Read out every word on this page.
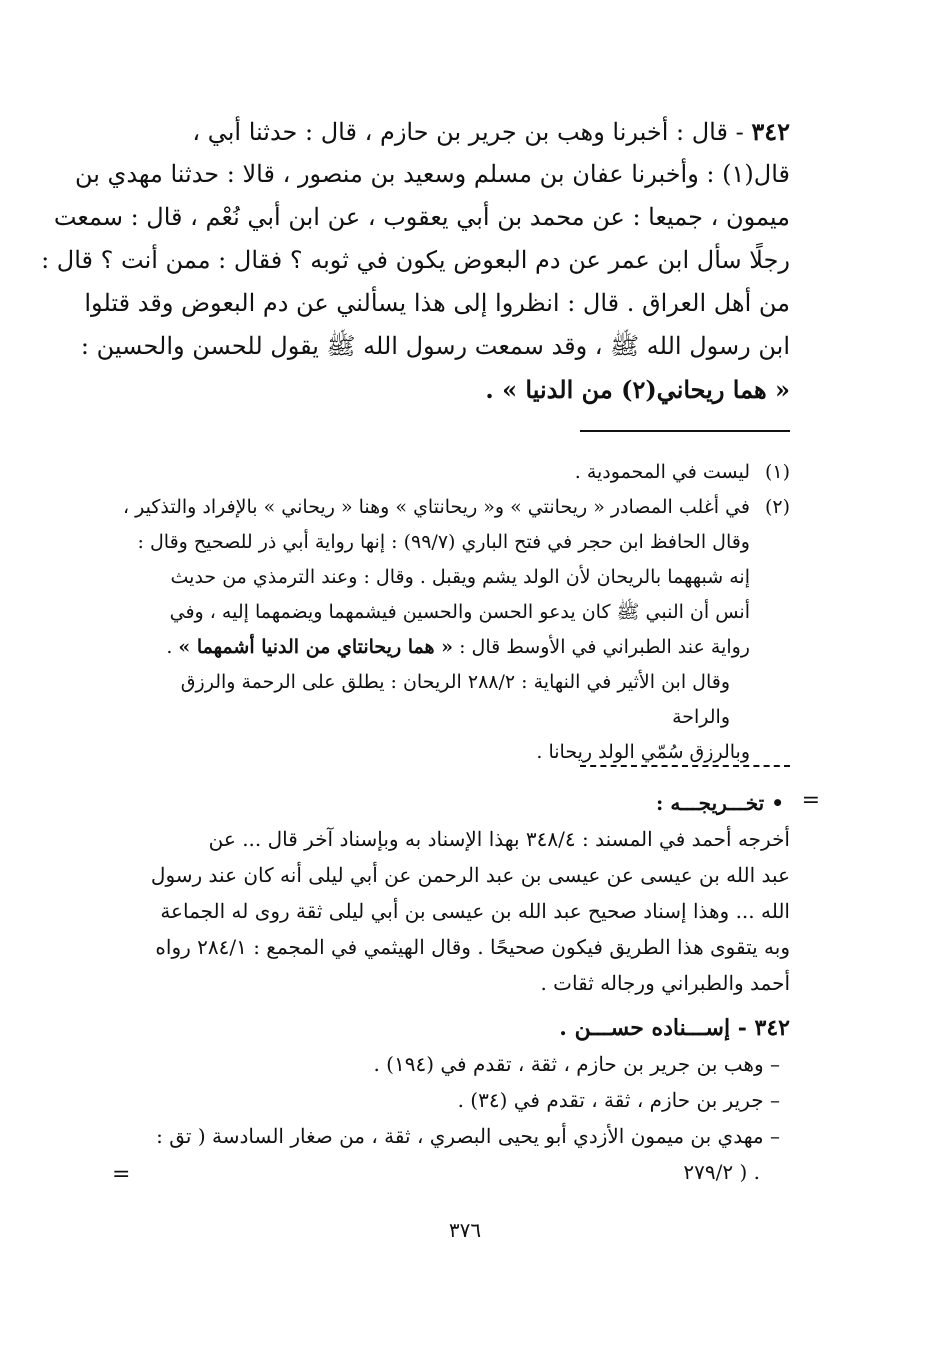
٣٤٢ - قال : أخبرنا وهب بن جرير بن حازم ، قال : حدثنا أبي ،
قال(١) : وأخبرنا عفان بن مسلم وسعيد بن منصور ، قالا : حدثنا مهدي بن
ميمون ، جميعا : عن محمد بن أبي يعقوب ، عن ابن أبي نُعْم ، قال : سمعت
رجلًا سأل ابن عمر عن دم البعوض يكون في ثوبه ؟ فقال : ممن أنت ؟ قال :
من أهل العراق . قال : انظروا إلى هذا يسألني عن دم البعوض وقد قتلوا
ابن رسول الله ﷺ ، وقد سمعت رسول الله ﷺ يقول للحسن والحسين :
« هما ريحاني(٢) من الدنيا » .
(١)
ليست في المحمودية .
(٢)
في أغلب المصادر « ريحانتي » و« ريحانتاي » وهنا « ريحاني » بالإفراد والتذكير ،
وقال الحافظ ابن حجر في فتح الباري (٩٩/٧) : إنها رواية أبي ذر للصحيح وقال :
إنه شبههما بالريحان لأن الولد يشم ويقبل . وقال : وعند الترمذي من حديث
أنس أن النبي ﷺ كان يدعو الحسن والحسين فيشمهما ويضمهما إليه ، وفي
رواية عند الطبراني في الأوسط قال : « هما ريحانتاي من الدنيا أشمهما » .
وقال ابن الأثير في النهاية : ٢٨٨/٢ الريحان : يطلق على الرحمة والرزق والراحة
وبالرزق سُمّي الولد ريحانا .
=
• تخـــريجـــه :
أخرجه أحمد في المسند : ٣٤٨/٤ بهذا الإسناد به وبإسناد آخر قال ... عن
عبد الله بن عيسى عن عيسى بن عبد الرحمن عن أبي ليلى أنه كان عند رسول
الله ... وهذا إسناد صحيح عبد الله بن عيسى بن أبي ليلى ثقة روى له الجماعة
وبه يتقوى هذا الطريق فيكون صحيحًا . وقال الهيثمي في المجمع : ٢٨٤/١ رواه
أحمد والطبراني ورجاله ثقات .
٣٤٢ - إســـناده حســـن .
– وهب بن جرير بن حازم ، ثقة ، تقدم في (١٩٤) .
– جرير بن حازم ، ثقة ، تقدم في (٣٤) .
– مهدي بن ميمون الأزدي أبو يحيى البصري ، ثقة ، من صغار السادسة ( تق :
. ( ٢٧٩/٢
=
٣٧٦
